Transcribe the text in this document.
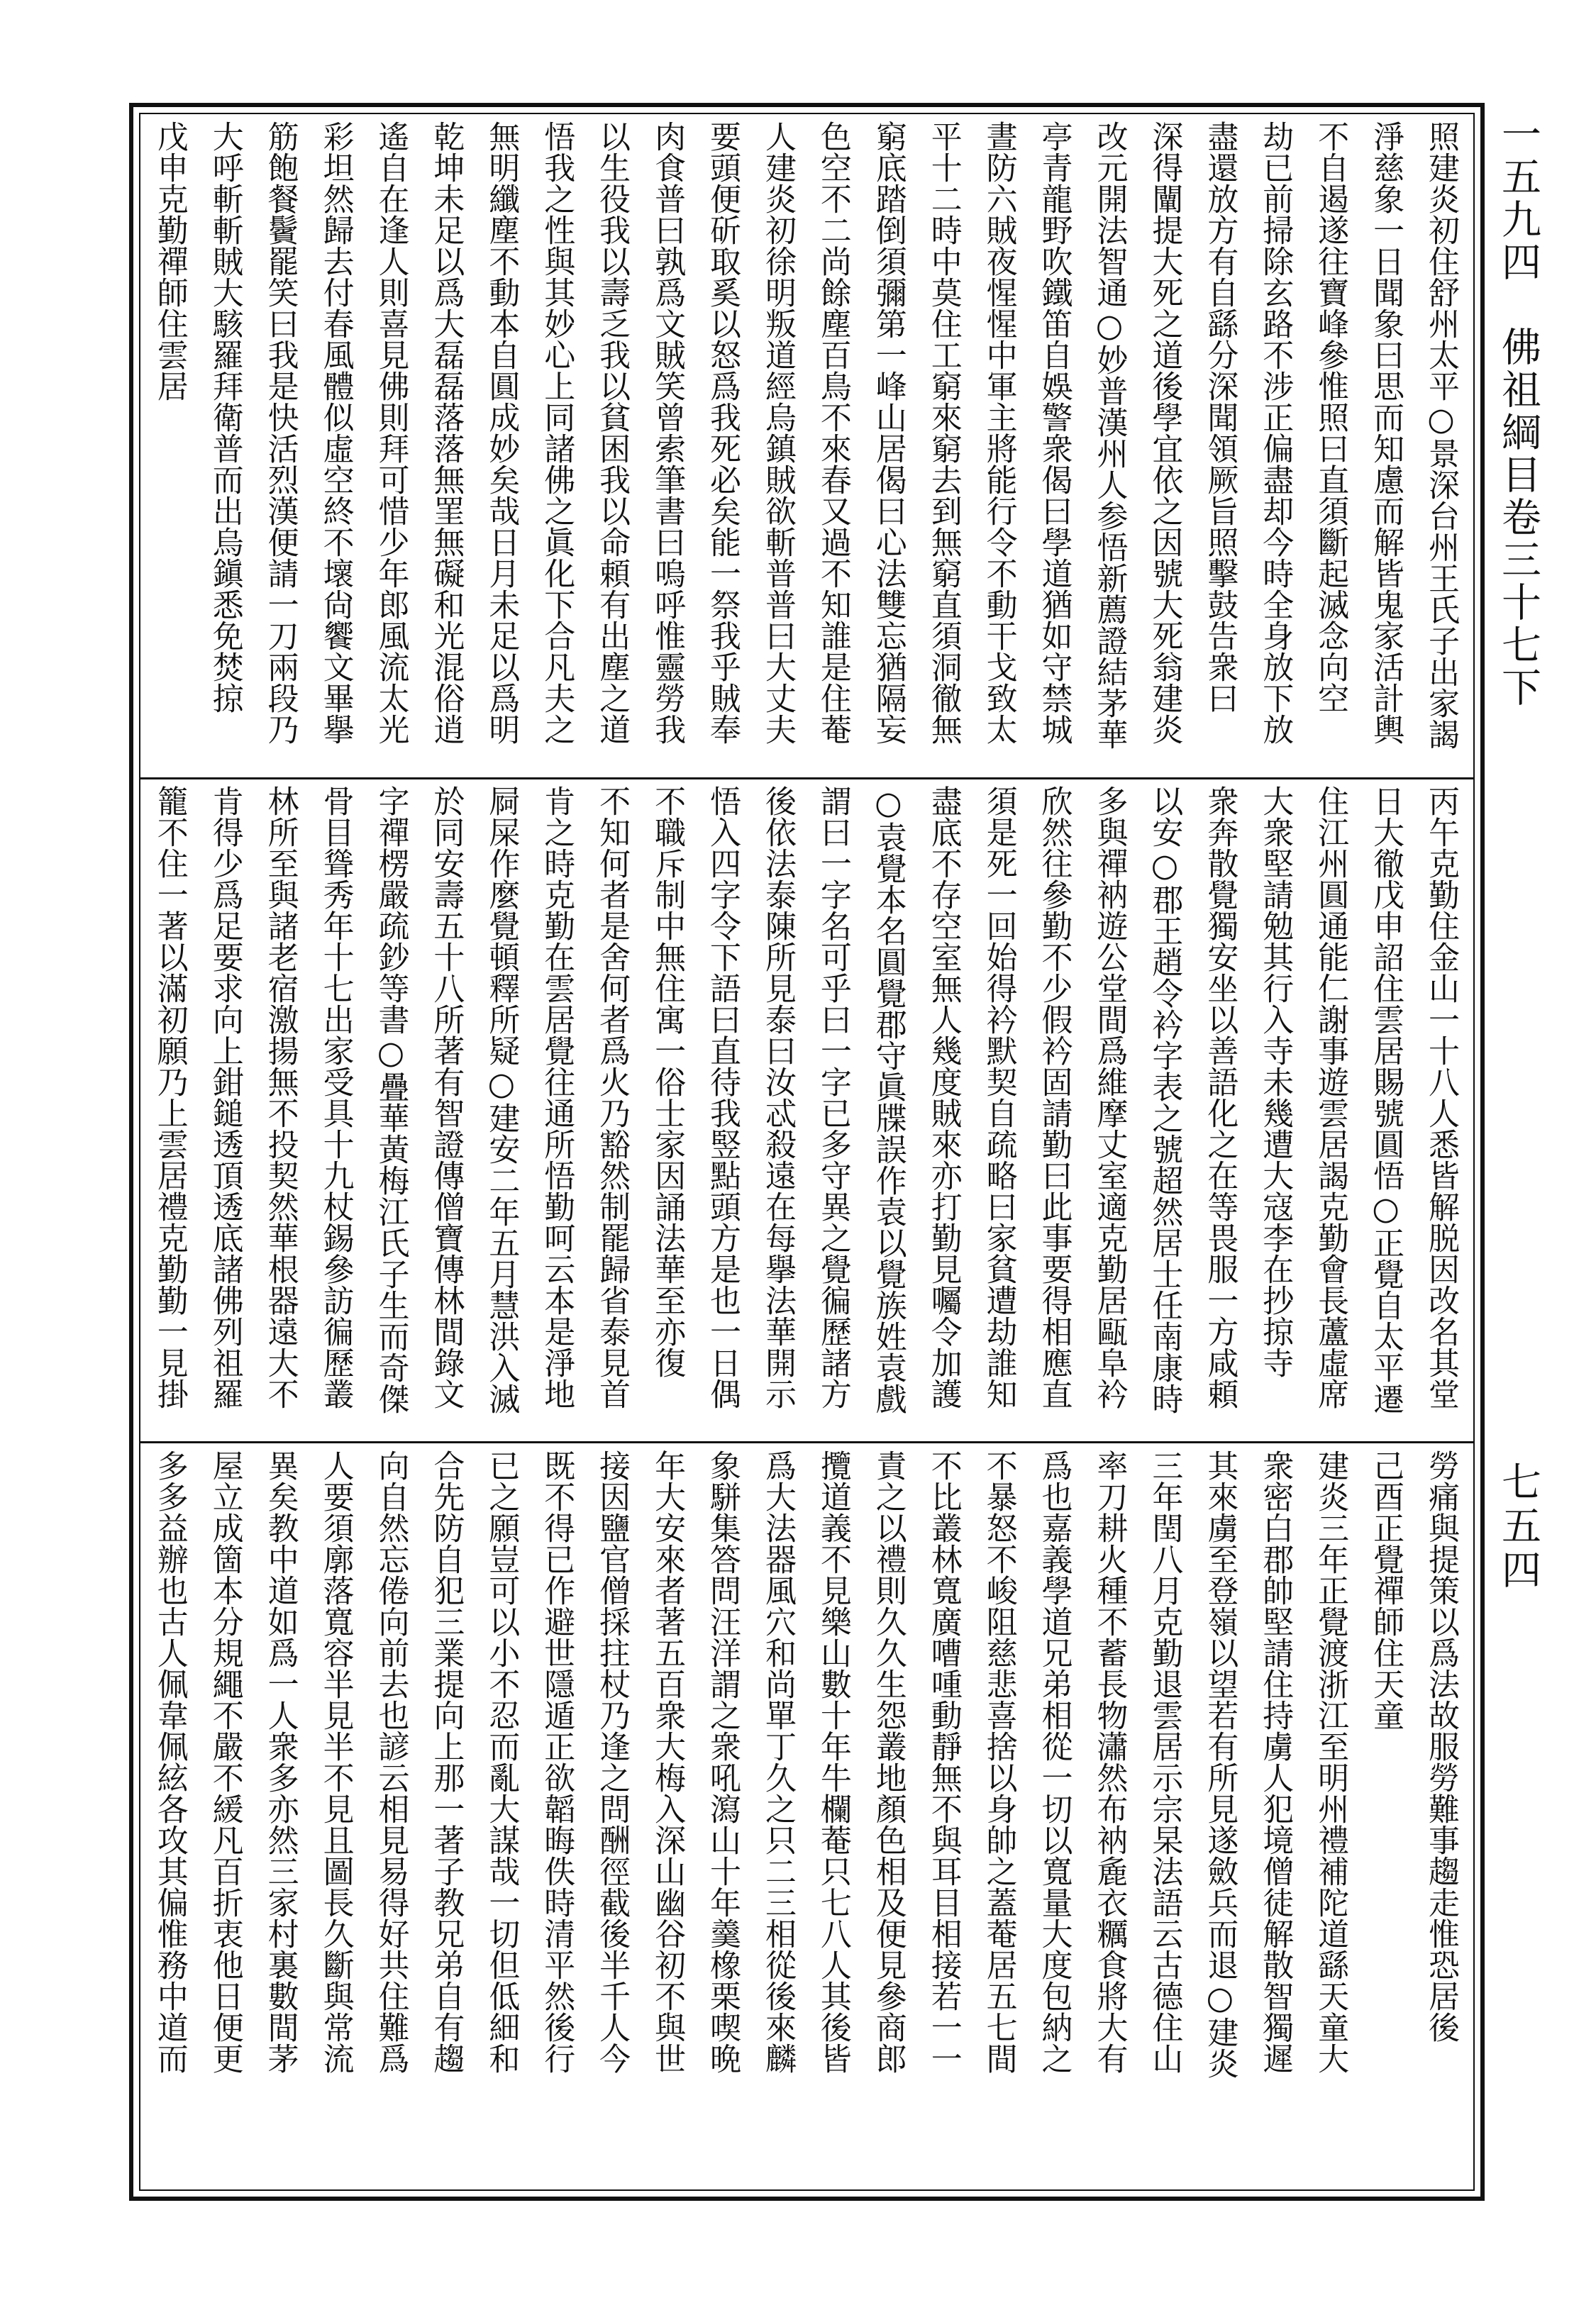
一五九四　佛祖綱目卷三十七下
七五四
照建炎初住舒州太平○景深台州王氏子出家謁
淨慈象一日聞象曰思而知慮而解皆鬼家活計輿
不自遏遂往寶峰參惟照曰直須斷起滅念向空
劫已前掃除玄路不涉正偏盡却今時全身放下放
盡還放方有自繇分深聞領厥旨照擊鼓告衆曰
深得闡提大死之道後學宜依之因號大死翁建炎
改元開法智通○妙普漢州人参悟新薦證結茅華
亭青龍野吹鐵笛自娛警衆偈曰學道猶如守禁城
晝防六賊夜惺惺中軍主將能行令不動干戈致太
平十二時中莫住工窮來窮去到無窮直須洞徹無
窮底踏倒須彌第一峰山居偈曰心法雙忘猶隔妄
色空不二尚餘塵百鳥不來春又過不知誰是住菴
人建炎初徐明叛道經烏鎮賊欲斬普普曰大丈夫
要頭便斫取奚以怒爲我死必矣能一祭我乎賊奉
肉食普曰孰爲文賊笑曾索筆書曰嗚呼惟靈勞我
以生役我以壽乏我以貧困我以命頼有出塵之道
悟我之性與其妙心上同諸佛之眞化下合凡夫之
無明纖塵不動本自圓成妙矣哉日月未足以爲明
乾坤未足以爲大磊磊落落無罣無礙和光混俗逍
遙自在逢人則喜見佛則拜可惜少年郎風流太光
彩坦然歸去付春風體似虛空終不壞尙饗文畢擧
筋飽餐鬢罷笑曰我是快活烈漢便請一刀兩段乃
大呼斬斬賊大駭羅拜衛普而出烏鎭悉免焚掠
戊申克勤禪師住雲居
丙午克勤住金山一十八人悉皆解脱因改名其堂
日大徹戊申詔住雲居賜號圓悟○正覺自太平遷
住江州圓通能仁謝事遊雲居謁克勤會長蘆虛席
大衆堅請勉其行入寺未幾遭大寇李在抄掠寺
衆奔散覺獨安坐以善語化之在等畏服一方咸頼
以安○郡王趙令衿字表之號超然居士任南康時
多與禪衲遊公堂間爲維摩丈室適克勤居甌阜衿
欣然往參勤不少假衿固請勤曰此事要得相應直
須是死一回始得衿默契自疏略曰家貧遭劫誰知
盡底不存空室無人幾度賊來亦打勤見囑令加護
○袁覺本名圓覺郡守眞牒誤作袁以覺族姓袁戲
謂曰一字名可乎曰一字已多守異之覺徧歷諸方
後依法泰陳所見泰曰汝忒殺遠在每擧法華開示
悟入四字令下語曰直待我竪點頭方是也一日偶
不職斥制中無住寓一俗士家因誦法華至亦復
不知何者是舍何者爲火乃豁然制罷歸省泰見首
肯之時克勤在雲居覺往通所悟勤呵云本是淨地
屙屎作麼覺頓釋所疑○建安二年五月慧洪入滅
於同安壽五十八所著有智證傳僧寶傳林間錄文
字禪楞嚴疏鈔等書○疊華黃梅江氏子生而奇傑
骨目聳秀年十七出家受具十九杖錫參訪徧歷叢
林所至與諸老宿激揚無不投契然華根器遠大不
肯得少爲足要求向上鉗鎚透頂透底諸佛列祖羅
籠不住一著以滿初願乃上雲居禮克勤勤一見掛
勞痛與提策以爲法故服勞難事趨走惟恐居後
己酉正覺禪師住天童
建炎三年正覺渡浙江至明州禮補陀道繇天童大
衆密白郡帥堅請住持虜人犯境僧徒解散智獨遲
其來虜至登嶺以望若有所見遂斂兵而退○建炎
三年閏八月克勤退雲居示宗杲法語云古德住山
率刀耕火種不蓄長物瀟然布衲麁衣糲食將大有
爲也嘉義學道兄弟相從一切以寬量大度包納之
不暴怒不峻阻慈悲喜捨以身帥之蓋菴居五七間
不比叢林寬廣嘈喠動靜無不與耳目相接若一一
責之以禮則久久生怨叢地顏色相及便見參商郎
攬道義不見樂山數十年牛欄菴只七八人其後皆
爲大法器風穴和尚單丁久之只二三相從後來麟
象駢集答問汪洋謂之衆吼瀉山十年羹橡栗喫晩
年大安來者著五百衆大梅入深山幽谷初不與世
接因鹽官僧採拄杖乃逢之問酬徑截後半千人今
既不得已作避世隱遁正欲韜晦佚時清平然後行
已之願豈可以小不忍而亂大謀哉一切但低細和
合先防自犯三業提向上那一著子教兄弟自有趨
向自然忘倦向前去也諺云相見易得好共住難爲
人要須廓落寬容半見半不見且圖長久斷與常流
異矣教中道如爲一人衆多亦然三家村裏數間茅
屋立成箇本分規繩不嚴不緩凡百折衷他日便更
多多益辦也古人佩韋佩絃各攻其偏惟務中道而
